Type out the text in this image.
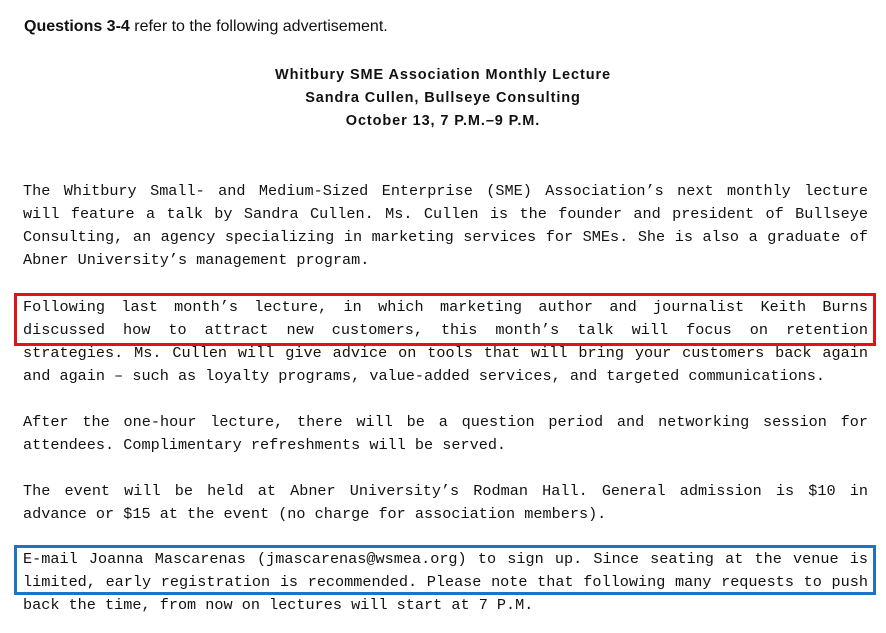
Questions 3-4 refer to the following advertisement.
Whitbury SME Association Monthly Lecture
Sandra Cullen, Bullseye Consulting
October 13, 7 P.M.–9 P.M.

The Whitbury Small- and Medium-Sized Enterprise (SME) Association’s next monthly lecture will feature a talk by Sandra Cullen. Ms. Cullen is the founder and president of Bullseye Consulting, an agency specializing in marketing services for SMEs. She is also a graduate of Abner University’s management program.

Following last month’s lecture, in which marketing author and journalist Keith Burns discussed how to attract new customers, this month’s talk will focus on retention strategies. Ms. Cullen will give advice on tools that will bring your customers back again and again – such as loyalty programs, value-added services, and targeted communications.

After the one-hour lecture, there will be a question period and networking session for attendees. Complimentary refreshments will be served.

The event will be held at Abner University’s Rodman Hall. General admission is $10 in advance or $15 at the event (no charge for association members).

E-mail Joanna Mascarenas (jmascarenas@wsmea.org) to sign up. Since seating at the venue is limited, early registration is recommended. Please note that following many requests to push back the time, from now on lectures will start at 7 P.M.
